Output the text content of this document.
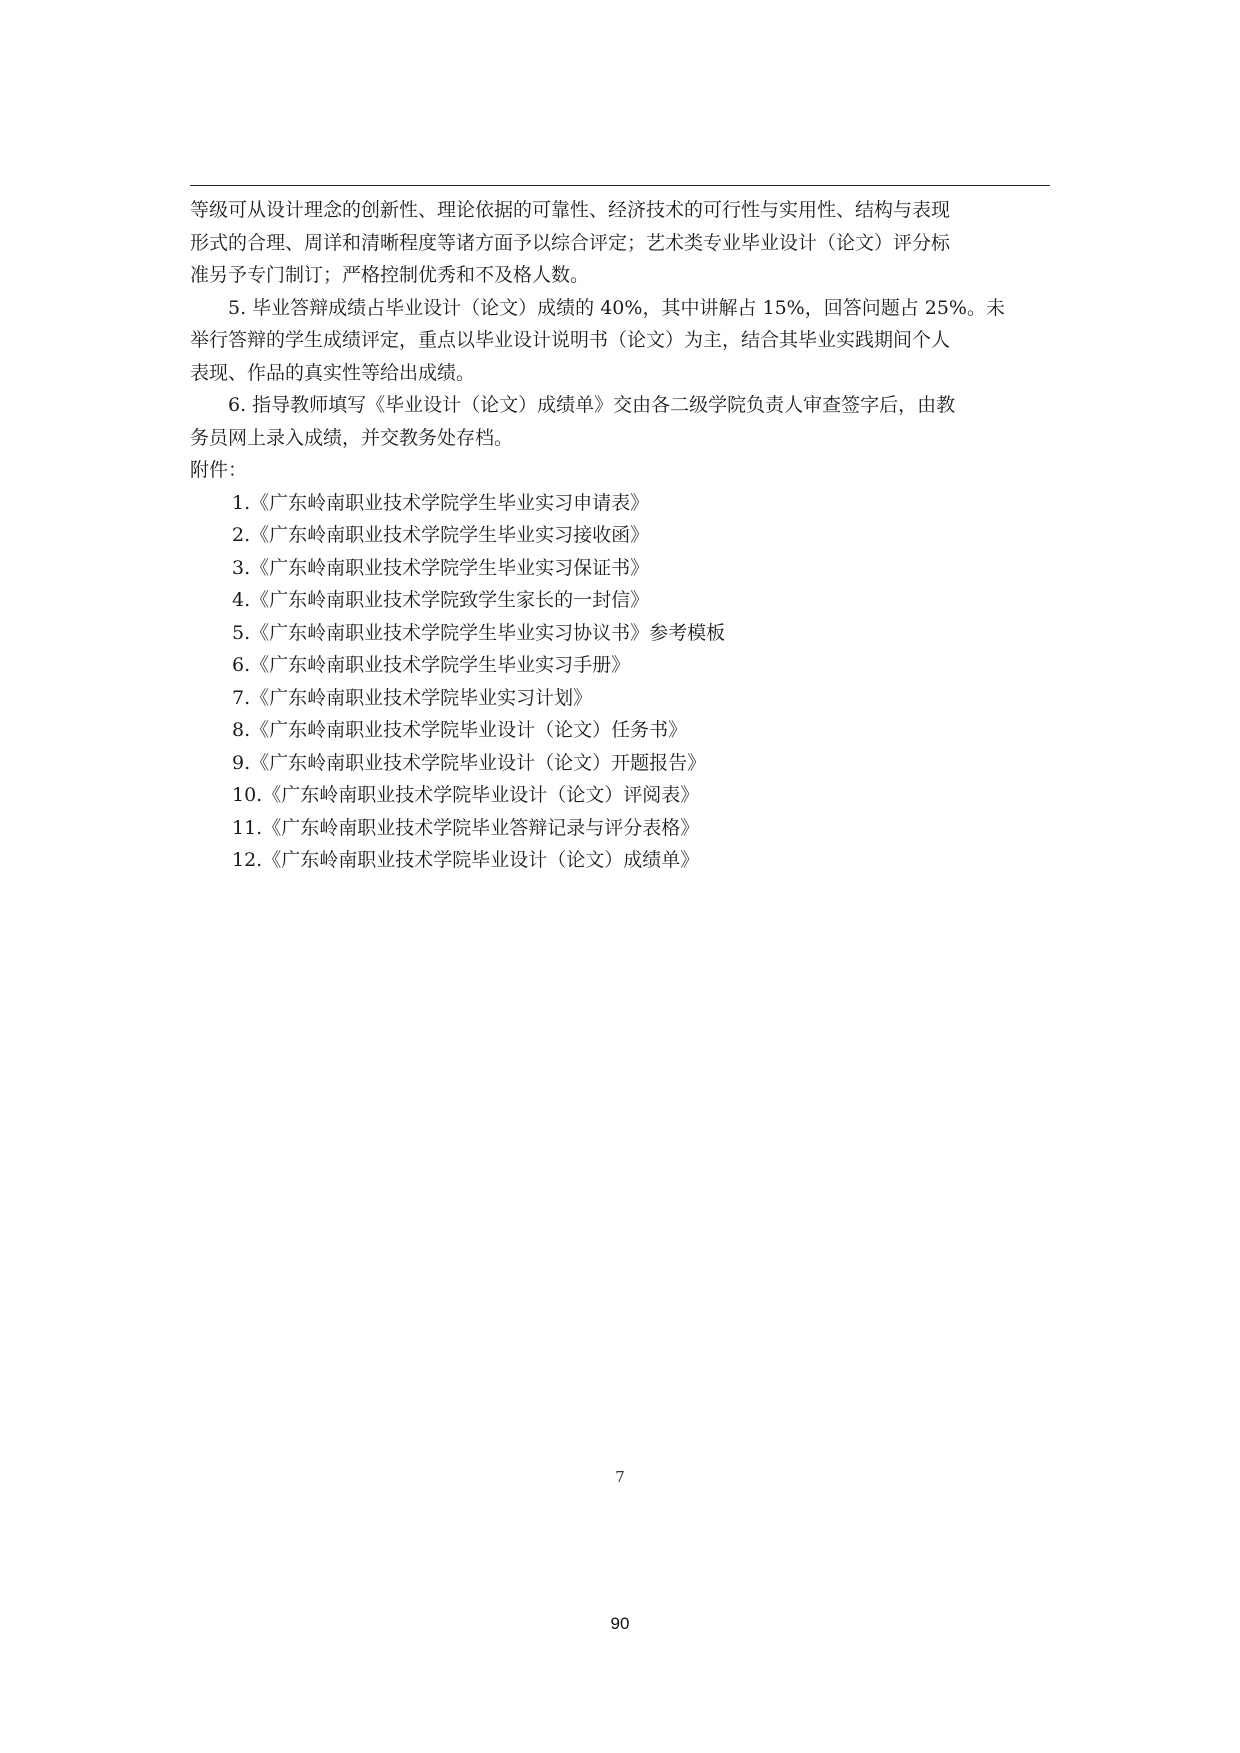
等级可从设计理念的创新性、理论依据的可靠性、经济技术的可行性与实用性、结构与表现
形式的合理、周详和清晰程度等诸方面予以综合评定；艺术类专业毕业设计（论文）评分标
准另予专门制订；严格控制优秀和不及格人数。

5. 毕业答辩成绩占毕业设计（论文）成绩的 40%，其中讲解占 15%，回答问题占 25%。未
举行答辩的学生成绩评定，重点以毕业设计说明书（论文）为主，结合其毕业实践期间个人
表现、作品的真实性等给出成绩。

6. 指导教师填写《毕业设计（论文）成绩单》交由各二级学院负责人审查签字后，由教
务员网上录入成绩，并交教务处存档。

附件：

1.《广东岭南职业技术学院学生毕业实习申请表》
2.《广东岭南职业技术学院学生毕业实习接收函》
3.《广东岭南职业技术学院学生毕业实习保证书》
4.《广东岭南职业技术学院致学生家长的一封信》
5.《广东岭南职业技术学院学生毕业实习协议书》参考模板
6.《广东岭南职业技术学院学生毕业实习手册》
7.《广东岭南职业技术学院毕业实习计划》
8.《广东岭南职业技术学院毕业设计（论文）任务书》
9.《广东岭南职业技术学院毕业设计（论文）开题报告》
10.《广东岭南职业技术学院毕业设计（论文）评阅表》
11.《广东岭南职业技术学院毕业答辩记录与评分表格》
12.《广东岭南职业技术学院毕业设计（论文）成绩单》
7
90
